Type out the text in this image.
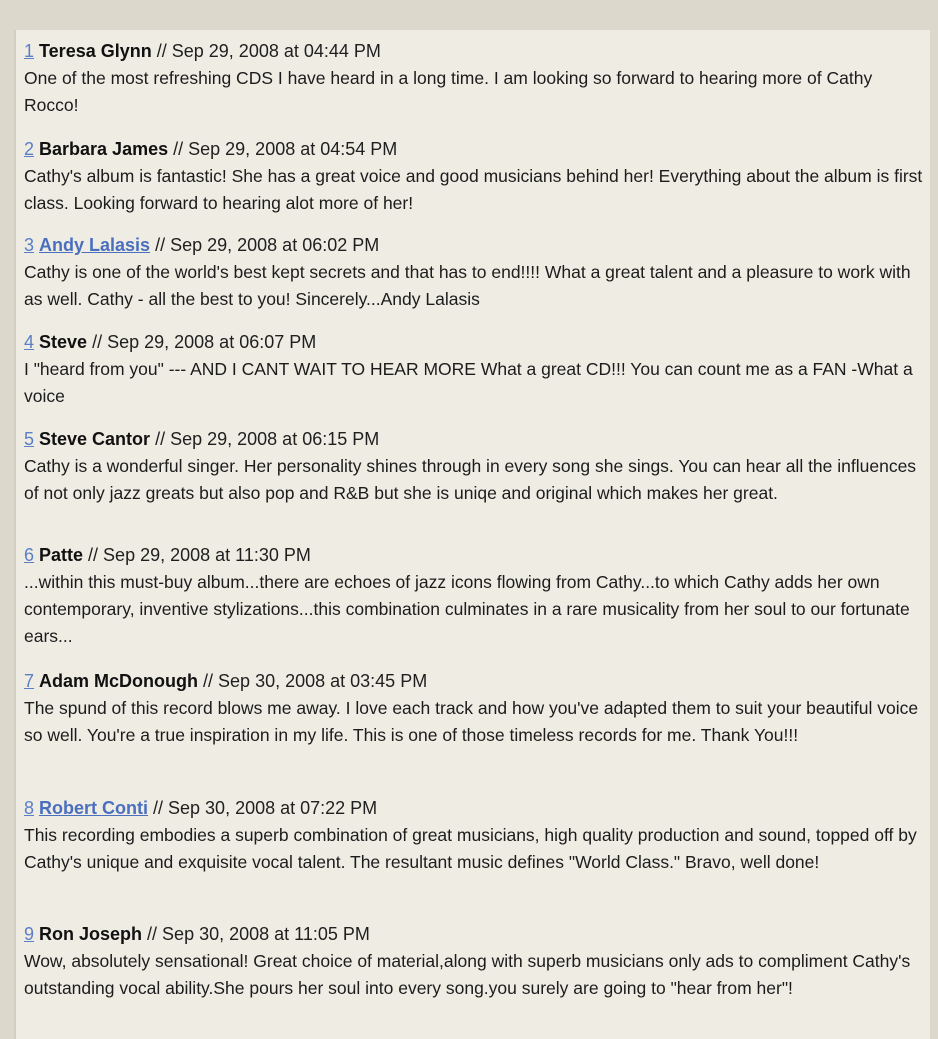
1 Teresa Glynn // Sep 29, 2008 at 04:44 PM
One of the most refreshing CDS I have heard in a long time. I am looking so forward to hearing more of Cathy Rocco!
2 Barbara James // Sep 29, 2008 at 04:54 PM
Cathy's album is fantastic! She has a great voice and good musicians behind her! Everything about the album is first class. Looking forward to hearing alot more of her!
3 Andy Lalasis // Sep 29, 2008 at 06:02 PM
Cathy is one of the world's best kept secrets and that has to end!!!! What a great talent and a pleasure to work with as well. Cathy - all the best to you! Sincerely...Andy Lalasis
4 Steve // Sep 29, 2008 at 06:07 PM
I "heard from you" --- AND I CANT WAIT TO HEAR MORE What a great CD!!! You can count me as a FAN -What a voice
5 Steve Cantor // Sep 29, 2008 at 06:15 PM
Cathy is a wonderful singer. Her personality shines through in every song she sings. You can hear all the influences of not only jazz greats but also pop and R&B but she is uniqe and original which makes her great.
6 Patte // Sep 29, 2008 at 11:30 PM
...within this must-buy album...there are echoes of jazz icons flowing from Cathy...to which Cathy adds her own contemporary, inventive stylizations...this combination culminates in a rare musicality from her soul to our fortunate ears...
7 Adam McDonough // Sep 30, 2008 at 03:45 PM
The spund of this record blows me away. I love each track and how you've adapted them to suit your beautiful voice so well. You're a true inspiration in my life. This is one of those timeless records for me. Thank You!!!
8 Robert Conti // Sep 30, 2008 at 07:22 PM
This recording embodies a superb combination of great musicians, high quality production and sound, topped off by Cathy's unique and exquisite vocal talent. The resultant music defines "World Class." Bravo, well done!
9 Ron Joseph // Sep 30, 2008 at 11:05 PM
Wow, absolutely sensational! Great choice of material,along with superb musicians only ads to compliment Cathy's outstanding vocal ability.She pours her soul into every song.you surely are going to "hear from her"!
